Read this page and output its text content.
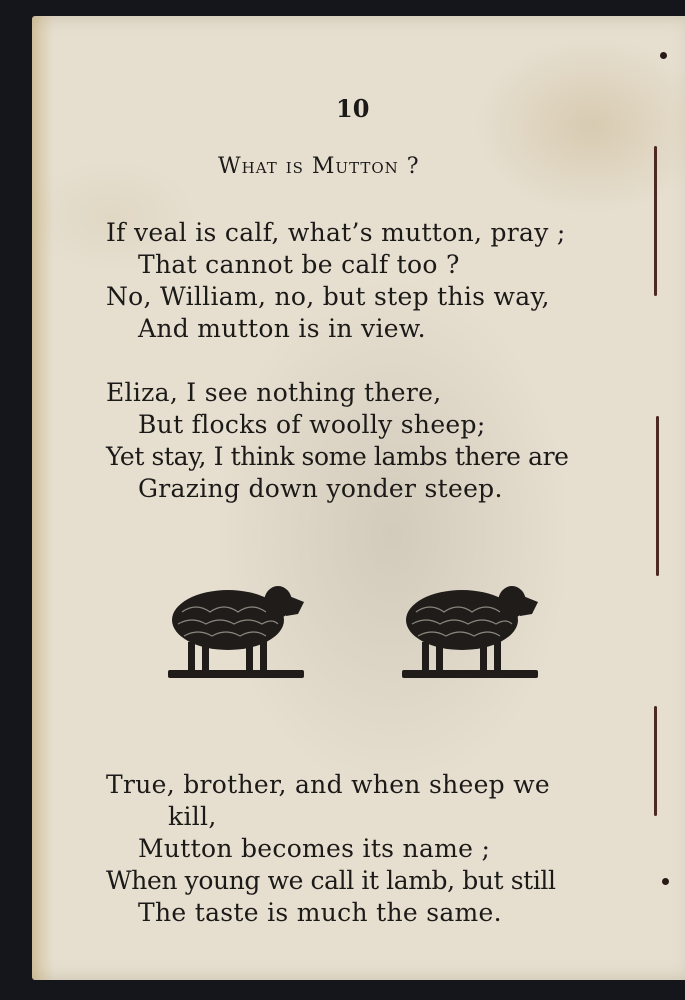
10
What is Mutton ?
If veal is calf, what’s mutton, pray ;
That cannot be calf too ?
No, William, no, but step this way,
And mutton is in view.
Eliza, I see nothing there,
But flocks of woolly sheep;
Yet stay, I think some lambs there are
Grazing down yonder steep.
True, brother, and when sheep we
kill,
Mutton becomes its name ;
When young we call it lamb, but still
The taste is much the same.
